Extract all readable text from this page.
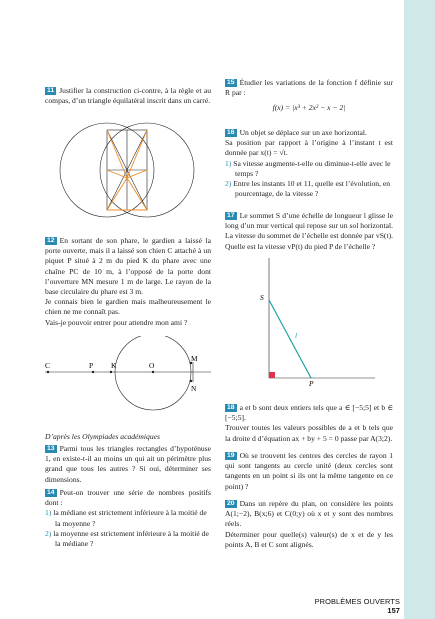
11 Justifier la construction ci-contre, à la règle et au compas, d’un triangle équilatéral inscrit dans un carré.

12 En sortant de son phare, le gardien a laissé la porte ouverte, mais il a laissé son chien C attaché à un piquet P situé à 2 m du pied K du phare avec une chaîne PC de 10 m, à l’opposé de la porte dont l’ouverture MN mesure 1 m de large. Le rayon de la base circulaire du phare est 3 m.

Je connais bien le gardien mais malheureusement le chien ne me connaît pas.

Vais-je pouvoir entrer pour attendre mon ami ?

C	P K	O
M
N

D’après les Olympiades académiques

13 Parmi tous les triangles rectangles d’hypoténuse 1, en existe-t-il au moins un qui ait un périmètre plus grand que tous les autres ? Si oui, déterminer ses dimensions.

14 Peut-on trouver une série de nombres positifs dont :

1) la médiane est strictement inférieure à la moitié de la moyenne ?

2) la moyenne est strictement inférieure à la moitié de la médiane ?

15 Étudier les variations de la fonction f définie sur R par :

f(x) = |x³ + 2x² − x − 2|

16 Un objet se déplace sur un axe horizontal.

Sa position par rapport à l’origine à l’instant t est donnée par x(t) = √t.

1) Sa vitesse augmente-t-elle ou diminue-t-elle avec le temps ?

2) Entre les instants 10 et 11, quelle est l’évolution, en pourcentage, de la vitesse ?

17 Le sommet S d’une échelle de longueur l glisse le long d’un mur vertical qui repose sur un sol horizontal. La vitesse du sommet de l’échelle est donnée par vS(t). Quelle est la vitesse vP(t) du pied P de l’échelle ?

S
l
P

18 a et b sont deux entiers tels que a ∈ [−5;5] et b ∈ [−5;5].

Trouver toutes les valeurs possibles de a et b tels que la droite d d’équation ax + by + 5 = 0 passe par A(3;2).

19 Où se trouvent les centres des cercles de rayon 1 qui sont tangents au cercle unité (deux cercles sont tangents en un point si ils ont la même tangente en ce point) ?

20 Dans un repère du plan, on considère les points A(1;−2), B(x;6) et C(0;y) où x et y sont des nombres réels.

Déterminer pour quelle(s) valeur(s) de x et de y les points A, B et C sont alignés.

PROBLÈMES OUVERTS 157
